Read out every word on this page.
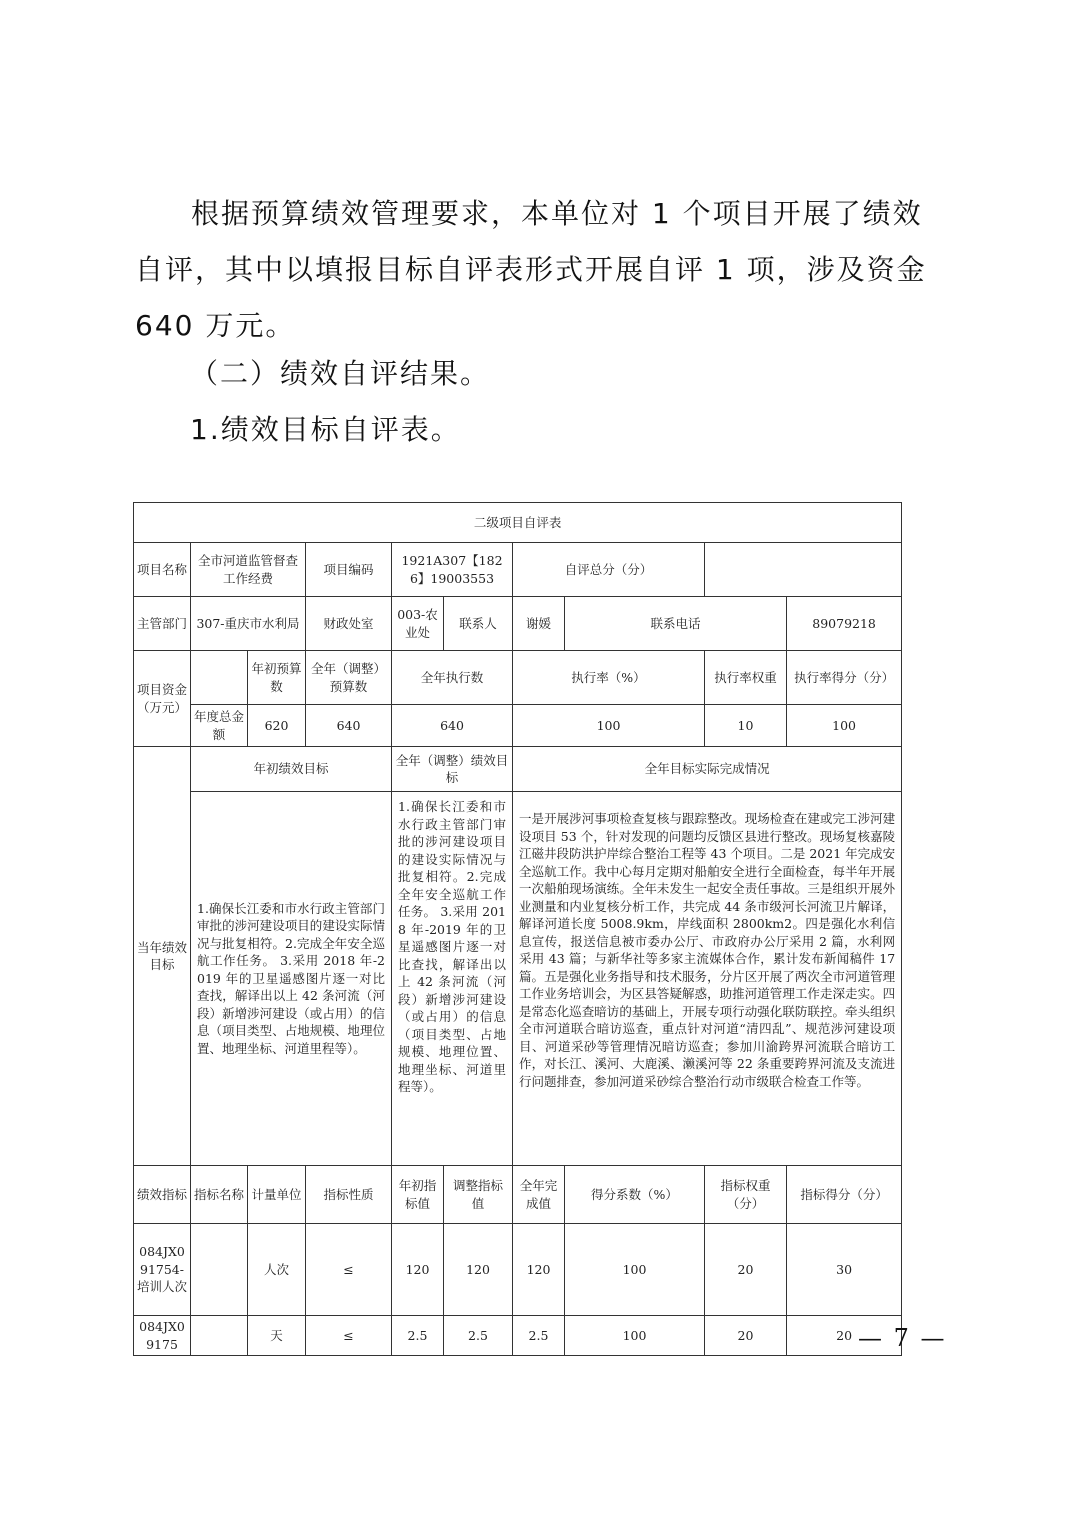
根据预算绩效管理要求，本单位对 1 个项目开展了绩效自评，其中以填报目标自评表形式开展自评 1 项，涉及资金 640 万元。

（二）绩效自评结果。
1.绩效目标自评表。
二级项目自评表									
项目名称	全市河道监管督查工作经费		项目编码	1921A307【1826】19003553		自评总分（分）			
主管部门	307-重庆市水利局		财政处室	003-农业处	联系人	谢媛	联系电话		89079218
项目资金（万元）		年初预算数	全年（调整）预算数	全年执行数		执行率（%）		执行率权重	执行率得分（分）
	年度总金额	620	640	640		100		10	100
当年绩效目标	年初绩效目标			全年（调整）绩效目标		全年目标实际完成情况			
	1.确保长江委和市水行政主管部门审批的涉河建设项目的建设实际情况与批复相符。2.完成全年安全巡航工作任务。 3.采用 2018 年-2019 年的卫星遥感图片逐一对比查找，解译出以上 42 条河流（河段）新增涉河建设（或占用）的信息（项目类型、占地规模、地理位置、地理坐标、河道里程等）。			1.确保长江委和市水行政主管部门审批的涉河建设项目的建设实际情况与批复相符。2.完成全年安全巡航工作任务。 3.采用 2018 年-2019 年的卫星遥感图片逐一对比查找，解译出以上 42 条河流（河段）新增涉河建设（或占用）的信息（项目类型、占地规模、地理位置、地理坐标、河道里程等）。		一是开展涉河事项检查复核与跟踪整改。现场检查在建或完工涉河建设项目 53 个，针对发现的问题均反馈区县进行整改。现场复核嘉陵江磁井段防洪护岸综合整治工程等 43 个项目。二是 2021 年完成安全巡航工作。我中心每月定期对船舶安全进行全面检查，每半年开展一次船舶现场演练。全年未发生一起安全责任事故。三是组织开展外业测量和内业复核分析工作，共完成 44 条市级河长河流卫片解译，解译河道长度 5008.9km，岸线面积 2800km2。四是强化水利信息宣传，报送信息被市委办公厅、市政府办公厅采用 2 篇，水利网采用 43 篇；与新华社等多家主流媒体合作，累计发布新闻稿件 17 篇。五是强化业务指导和技术服务，分片区开展了两次全市河道管理工作业务培训会，为区县答疑解惑，助推河道管理工作走深走实。四是常态化巡查暗访的基础上，开展专项行动强化联防联控。牵头组织全市河道联合暗访巡查，重点针对河道“清四乱”、规范涉河建设项目、河道采砂等管理情况暗访巡查；参加川渝跨界河流联合暗访工作，对长江、溪河、大鹿溪、濑溪河等 22 条重要跨界河流及支流进行问题排查，参加河道采砂综合整治行动市级联合检查工作等。			
绩效指标	指标名称	计量单位	指标性质	年初指标值	调整指标值	全年完成值	得分系数（%）	指标权重（分）	指标得分（分）
084JX091754-培训人次		人次	≤	120	120	120	100	20	30
084JX09175		天	≤	2.5	2.5	2.5	100	20	20 — 7 —
